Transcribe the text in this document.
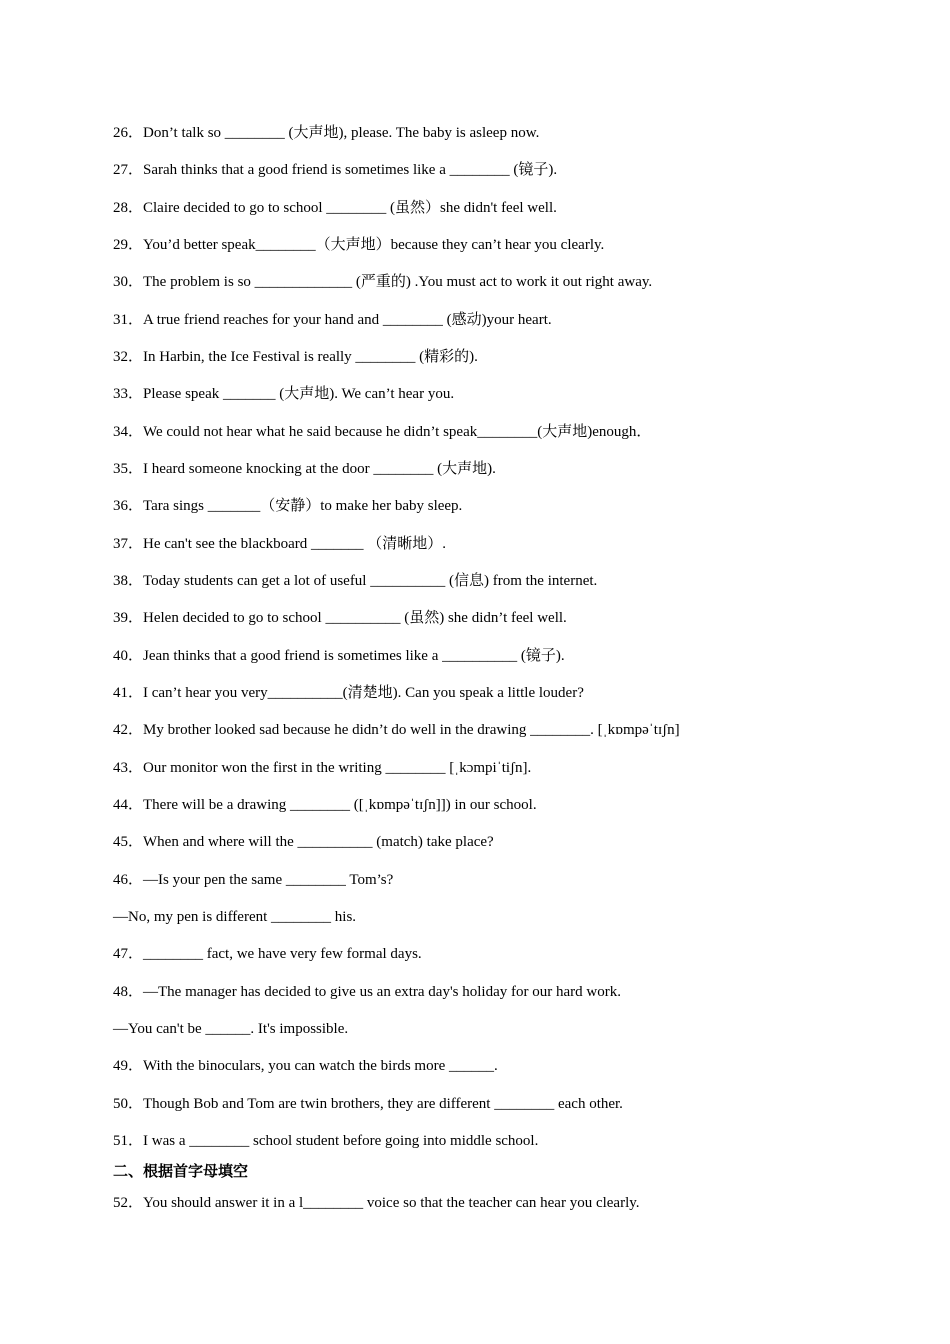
26．Don’t talk so ________ (大声地), please. The baby is asleep now.
27．Sarah thinks that a good friend is sometimes like a ________ (镜子).
28．Claire decided to go to school ________ (虽然）she didn't feel well.
29．You’d better speak________（大声地）because they can’t hear you clearly.
30．The problem is so _____________ (严重的) .You must act to work it out right away.
31．A true friend reaches for your hand and ________ (感动)your heart.
32．In Harbin, the Ice Festival is really ________ (精彩的).
33．Please speak _______ (大声地). We can’t hear you.
34．We could not hear what he said because he didn’t speak________(大声地)enough．
35．I heard someone knocking at the door ________ (大声地).
36．Tara sings _______（安静）to make her baby sleep.
37．He can't see the blackboard _______ （清晰地）.
38．Today students can get a lot of useful __________ (信息) from the internet.
39．Helen decided to go to school __________ (虽然) she didn’t feel well.
40．Jean thinks that a good friend is sometimes like a __________ (镜子).
41．I can’t hear you very__________(清楚地). Can you speak a little louder?
42．My brother looked sad because he didn’t do well in the drawing ________. [ˌkɒmpəˈtɪʃn]
43．Our monitor won the first in the writing ________ [ˌkɔmpiˈtiʃn].
44．There will be a drawing ________ ([ˌkɒmpəˈtɪʃn]]) in our school.
45．When and where will the __________ (match) take place?
46．—Is your pen the same ________ Tom’s?
—No, my pen is different ________ his.
47．________ fact, we have very few formal days.
48．—The manager has decided to give us an extra day's holiday for our hard work.
—You can't be ______. It's impossible.
49．With the binoculars, you can watch the birds more ______.
50．Though Bob and Tom are twin brothers, they are different ________ each other.
51．I was a ________ school student before going into middle school.
二、根据首字母填空
52．You should answer it in a l________ voice so that the teacher can hear you clearly.
